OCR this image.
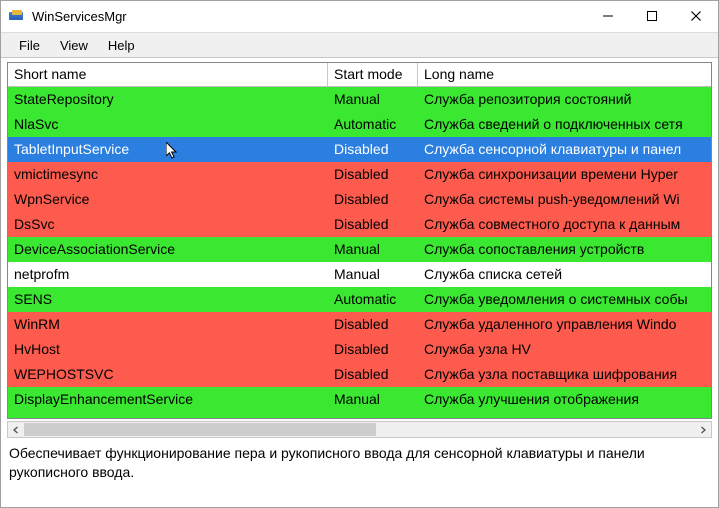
WinServicesMgr
File	View	Help
Short name	Start mode	Long name
StateRepository	Manual	Служба репозитория состояний
NlaSvc	Automatic	Служба сведений о подключенных сетя
TabletInputService	Disabled	Служба сенсорной клавиатуры и панел
vmictimesync	Disabled	Служба синхронизации времени Hyper
WpnService	Disabled	Служба системы push-уведомлений Wi
DsSvc	Disabled	Служба совместного доступа к данным
DeviceAssociationService	Manual	Служба сопоставления устройств
netprofm	Manual	Служба списка сетей
SENS	Automatic	Служба уведомления о системных собы
WinRM	Disabled	Служба удаленного управления Windo
HvHost	Disabled	Служба узла HV
WEPHOSTSVC	Disabled	Служба узла поставщика шифрования
DisplayEnhancementService	Manual	Служба улучшения отображения
Обеспечивает функционирование пера и рукописного ввода для сенсорной клавиатуры и панели рукописного ввода.
